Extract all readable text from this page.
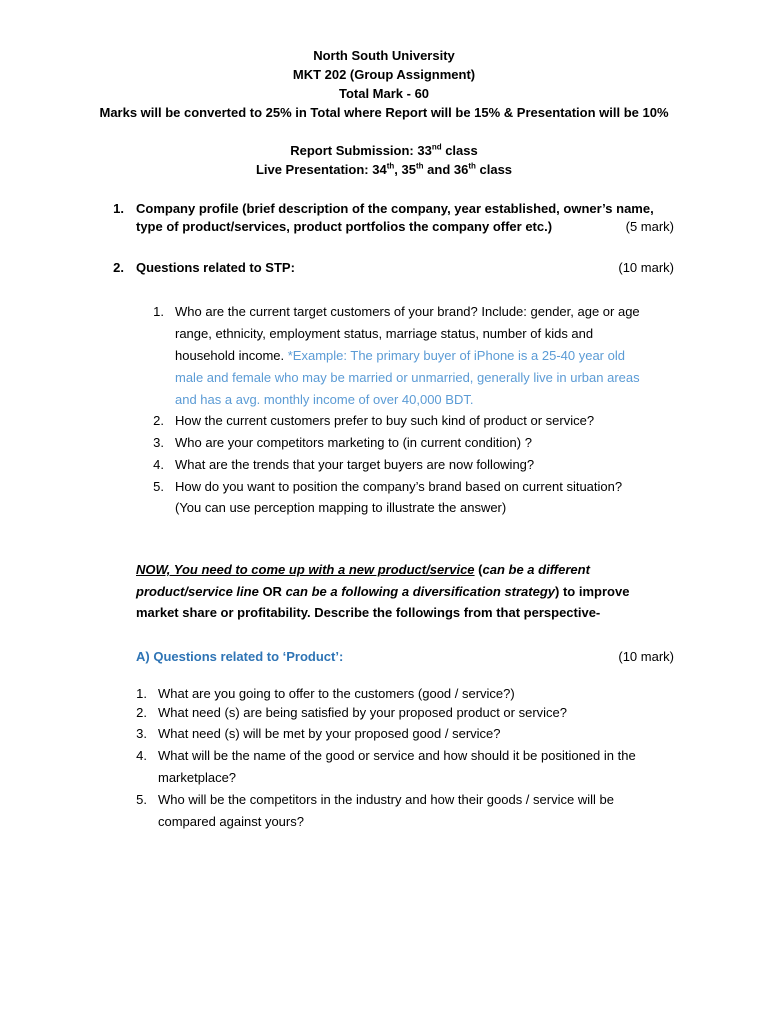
North South University
MKT 202 (Group Assignment)
Total Mark - 60
Marks will be converted to 25% in Total where Report will be 15% & Presentation will be 10%
Report Submission: 33nd class
Live Presentation: 34th, 35th and 36th class
1. Company profile (brief description of the company, year established, owner’s name,
type of product/services, product portfolios the company offer etc.)	(5 mark)
2. Questions related to STP:	(10 mark)
1. Who are the current target customers of your brand? Include: gender, age or age
range, ethnicity, employment status, marriage status, number of kids and
household income. *Example: The primary buyer of iPhone is a 25-40 year old
male and female who may be married or unmarried, generally live in urban areas
and has a avg. monthly income of over 40,000 BDT.
2. How the current customers prefer to buy such kind of product or service?
3. Who are your competitors marketing to (in current condition) ?
4. What are the trends that your target buyers are now following?
5. How do you want to position the company’s brand based on current situation?
(You can use perception mapping to illustrate the answer)
NOW, You need to come up with a new product/service (can be a different
product/service line OR can be a following a diversification strategy) to improve
market share or profitability. Describe the followings from that perspective-
A) Questions related to ‘Product’:	(10 mark)
1. What are you going to offer to the customers (good / service?)
2. What need (s) are being satisfied by your proposed product or service?
3. What need (s) will be met by your proposed good / service?
4. What will be the name of the good or service and how should it be positioned in the
marketplace?
5. Who will be the competitors in the industry and how their goods / service will be
compared against yours?
